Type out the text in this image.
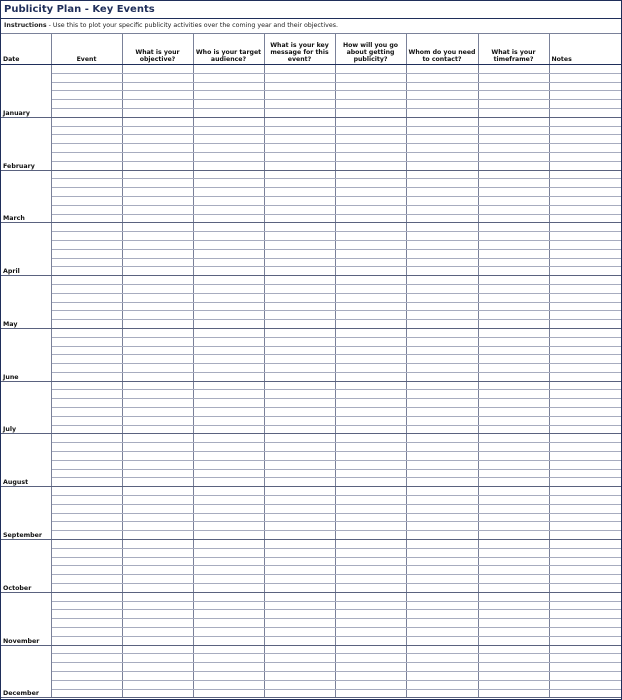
Publicity Plan - Key Events
Instructions - Use this to plot your specific publicity activities over the coming year and their objectives.
Date	Event	What is your objective?	Who is your target audience?	What is your key message for this event?	How will you go about getting publicity?	Whom do you need to contact?	What is your timeframe?	Notes
January								

February								

March								

April								

May								

June								

July								

August								

September								

October								

November								

December								
